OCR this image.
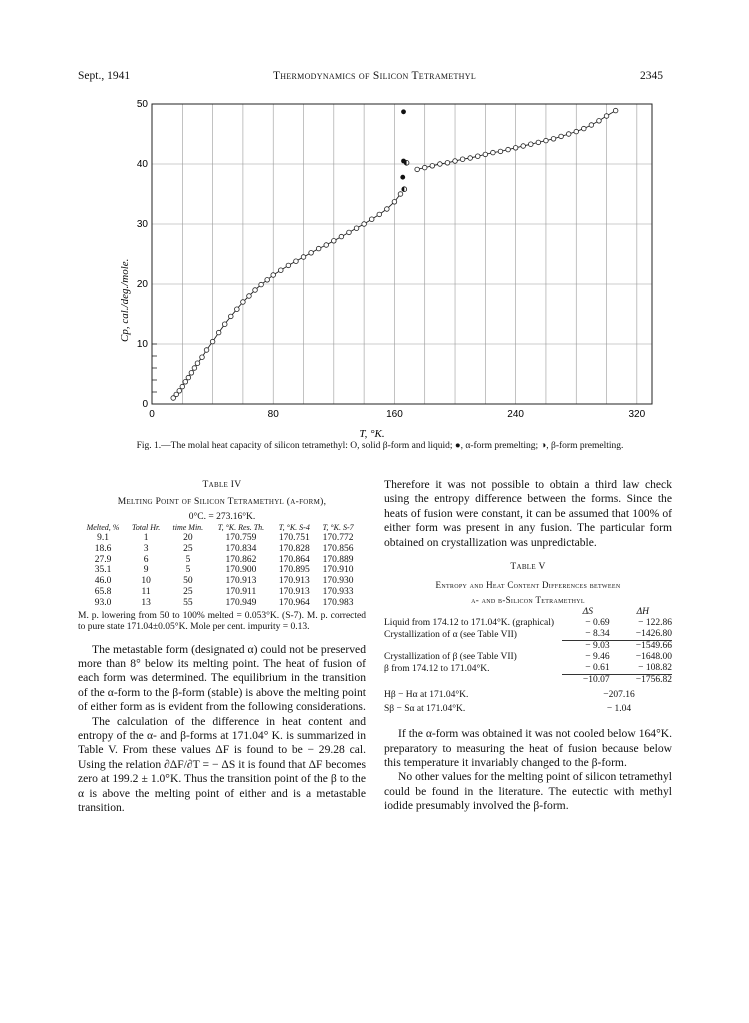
Sept., 1941	Thermodynamics of Silicon Tetramethyl	2345
0
10
20
30
40
50
0	80	160	240	320
Cp, cal./deg./mole.
T, °K.
Fig. 1.—The molal heat capacity of silicon tetramethyl: O, solid β-form and liquid; ●, α-form premelting; ◑, β-form premelting.
Table IV
Melting Point of Silicon Tetramethyl (α-form),
0°C. = 273.16°K.
Melted, %	Total Hr.	time Min.	T, °K. Res. Th.	T, °K. S-4	T, °K. S-7
9.1	1	20	170.759	170.751	170.772
18.6	3	25	170.834	170.828	170.856
27.9	6	5	170.862	170.864	170.889
35.1	9	5	170.900	170.895	170.910
46.0	10	50	170.913	170.913	170.930
65.8	11	25	170.911	170.913	170.933
93.0	13	55	170.949	170.964	170.983
M. p. lowering from 50 to 100% melted = 0.053°K. (S-7). M. p. corrected to pure state 171.04±0.05°K. Mole per cent. impurity = 0.13.

The metastable form (designated α) could not be preserved more than 8° below its melting point. The heat of fusion of each form was determined. The equilibrium in the transition of the α-form to the β-form (stable) is above the melting point of either form as is evident from the following considerations.

The calculation of the difference in heat content and entropy of the α- and β-forms at 171.04° K. is summarized in Table V. From these values ΔF is found to be − 29.28 cal. Using the relation ∂ΔF/∂T = − ΔS it is found that ΔF becomes zero at 199.2 ± 1.0°K. Thus the transition point of the β to the α is above the melting point of either and is a metastable transition.

Therefore it was not possible to obtain a third law check using the entropy difference between the forms. Since the heats of fusion were constant, it can be assumed that 100% of either form was present in any fusion. The particular form obtained on crystallization was unpredictable.

Table V
Entropy and Heat Content Differences between
α- and β-Silicon Tetramethyl
	ΔS	ΔH
Liquid from 174.12 to 171.04°K. (graphical)	− 0.69	− 122.86
Crystallization of α (see Table VII)	− 8.34	−1426.80
	− 9.03	−1549.66
Crystallization of β (see Table VII)	− 9.46	−1648.00
β from 174.12 to 171.04°K.	− 0.61	− 108.82
	−10.07	−1756.82
Hβ − Hα at 171.04°K.	−207.16	
Sβ − Sα at 171.04°K.	− 1.04	

If the α-form was obtained it was not cooled below 164°K. preparatory to measuring the heat of fusion because below this temperature it invariably changed to the β-form.

No other values for the melting point of silicon tetramethyl could be found in the literature. The eutectic with methyl iodide presumably involved the β-form.
